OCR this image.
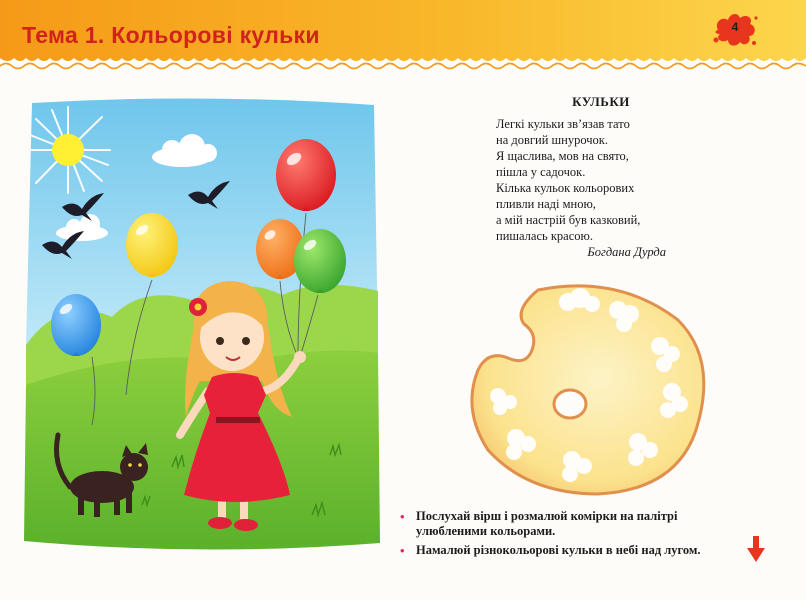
Тема 1. Кольорові кульки	4
КУЛЬКИ
Легкі кульки зв’язав тато
на довгий шнурочок.
Я щаслива, мов на свято,
пішла у садочок.
Кілька кульок кольорових
пливли наді мною,
а мій настрій був казковий,
пишалась красою.
Богдана Дурда
• Послухай вірш і розмалюй комірки на палітрі улюбленими кольорами.
• Намалюй різнокольорові кульки в небі над лугом.
